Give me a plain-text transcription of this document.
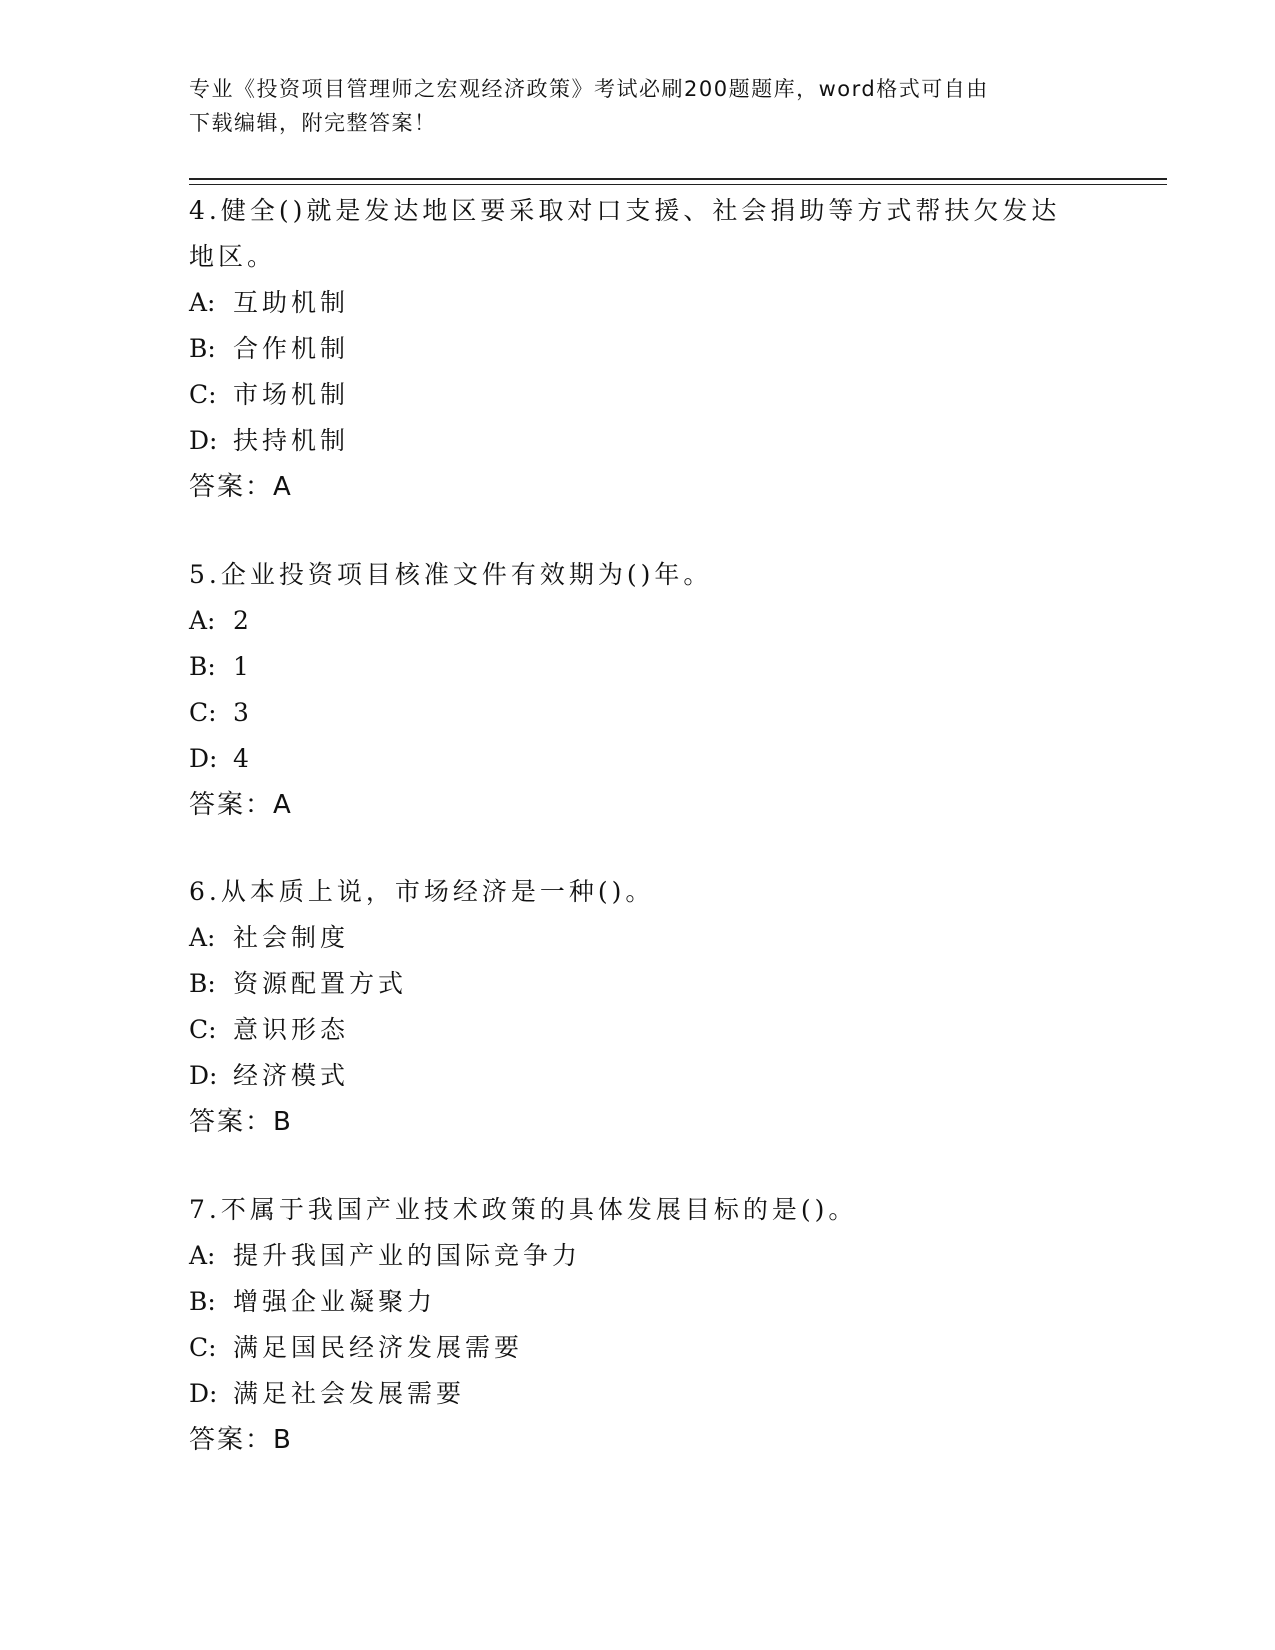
专业《投资项目管理师之宏观经济政策》考试必刷200题题库，word格式可自由
下载编辑，附完整答案！

4.健全()就是发达地区要采取对口支援、社会捐助等方式帮扶欠发达

地区。

A: 互助机制

B: 合作机制

C: 市场机制

D: 扶持机制

答案：A

5.企业投资项目核准文件有效期为()年。

A: 2

B: 1

C: 3

D: 4

答案：A

6.从本质上说，市场经济是一种()。

A: 社会制度

B: 资源配置方式

C: 意识形态

D: 经济模式

答案：B

7.不属于我国产业技术政策的具体发展目标的是()。

A: 提升我国产业的国际竞争力

B: 增强企业凝聚力

C: 满足国民经济发展需要

D: 满足社会发展需要

答案：B
